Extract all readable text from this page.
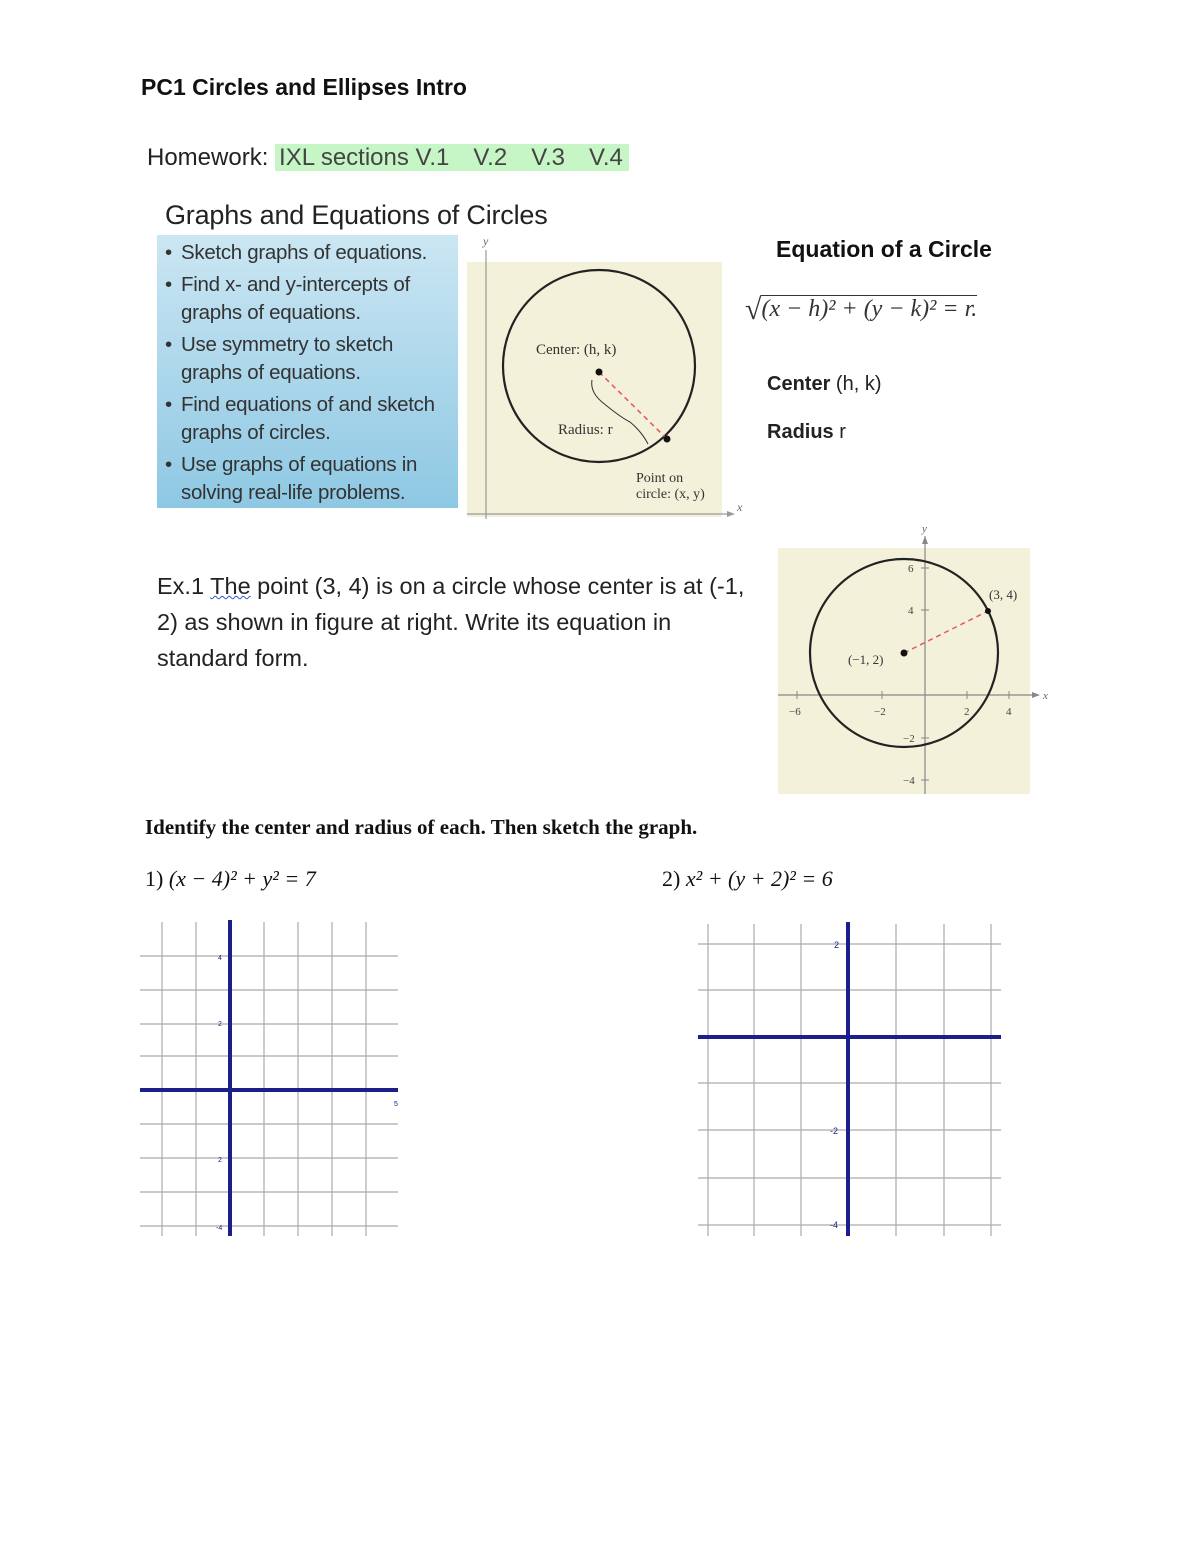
PC1 Circles and Ellipses Intro
Homework: IXL sections V.1 V.2 V.3 V.4
Graphs and Equations of Circles
• Sketch graphs of equations.
• Find x- and y-intercepts of graphs of equations.
• Use symmetry to sketch graphs of equations.
• Find equations of and sketch graphs of circles.
• Use graphs of equations in solving real-life problems.
y
x
Center: (h, k)
Radius: r
Point on
circle: (x, y)
Equation of a Circle
√(x − h)² + (y − k)² = r.
Center (h, k)
Radius r
Ex.1 The point (3, 4) is on a circle whose center is at (-1, 2) as shown in figure at right. Write its equation in standard form.
y
x
−6	−2	2	4
6
4
−2
−4
(−1, 2)
(3, 4)
Identify the center and radius of each. Then sketch the graph.
1) (x − 4)² + y² = 7	2) x² + (y + 2)² = 6
4
2
2
-4
5
2
-2
-4
